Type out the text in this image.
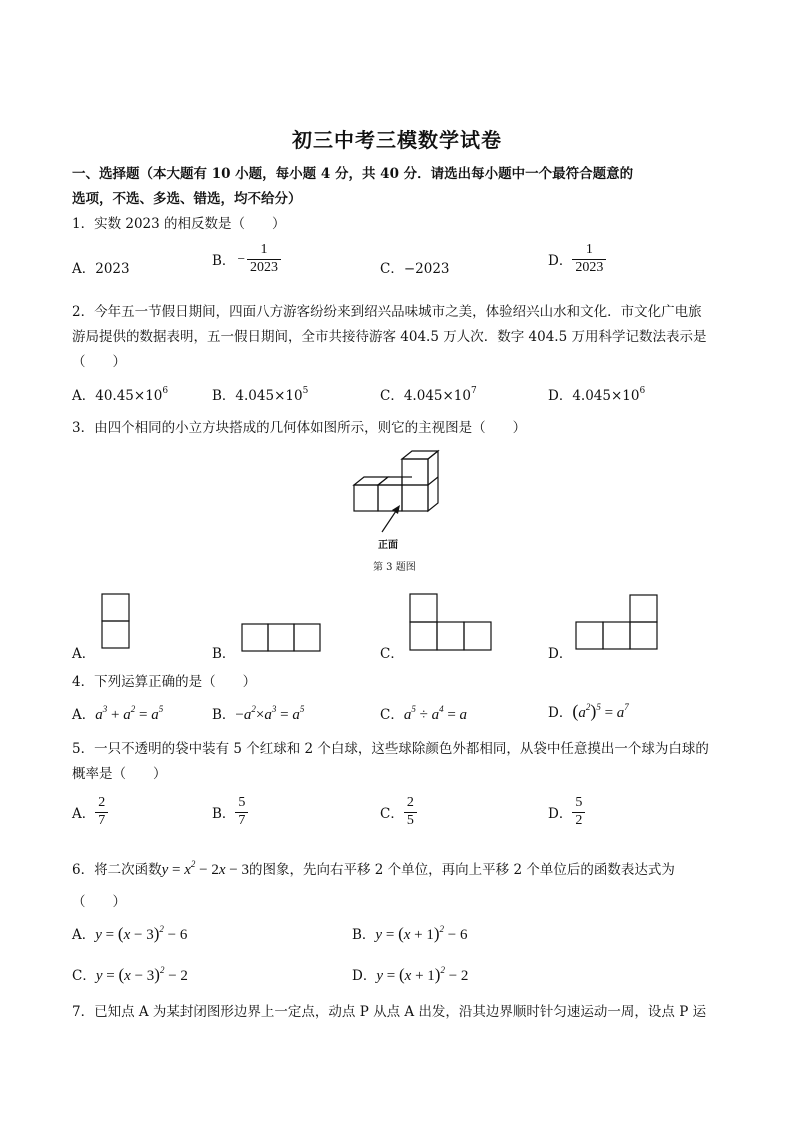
初三中考三模数学试卷
一、选择题（本大题有 10 小题，每小题 4 分，共 40 分．请选出每小题中一个最符合题意的
选项，不选、多选、错选，均不给分）
1．实数 2023 的相反数是（　　）
A．2023	B． − $\frac{1}{2023}$	C．−2023	D． $\frac{1}{2023}$
2．今年五一节假日期间，四面八方游客纷纷来到绍兴品味城市之美，体验绍兴山水和文化．市文化广电旅
游局提供的数据表明，五一假日期间，全市共接待游客 404.5 万人次．数字 404.5 万用科学记数法表示是
（　　）
A．$40.45\times 10^6$	B．$4.045\times 10^5$	C．$4.045\times 10^7$	D．$4.045\times 10^6$
3．由四个相同的小立方块搭成的几何体如图所示，则它的主视图是（　　）
正面
第 3 题图
A．	B．	C．	D．
4．下列运算正确的是（　　）
A．$a^3 + a^2 = a^5$	B．$-a^2\times a^3 = a^5$	C．$a^5 \div a^4 = a$	D．$(a^2)^5 = a^7$
5．一只不透明的袋中装有 5 个红球和 2 个白球，这些球除颜色外都相同，从袋中任意摸出一个球为白球的
概率是（　　）
A． $\frac{2}{7}$	B． $\frac{5}{7}$	C． $\frac{2}{5}$	D． $\frac{5}{2}$
6．将二次函数$y = x^2 - 2x - 3$的图象，先向右平移 2 个单位，再向上平移 2 个单位后的函数表达式为
（　　）
A．$y = (x - 3)^2 - 6$	B．$y = (x + 1)^2 - 6$
C．$y = (x - 3)^2 - 2$	D．$y = (x + 1)^2 - 2$
7．已知点 A 为某封闭图形边界上一定点，动点 P 从点 A 出发，沿其边界顺时针匀速运动一周，设点 P 运
